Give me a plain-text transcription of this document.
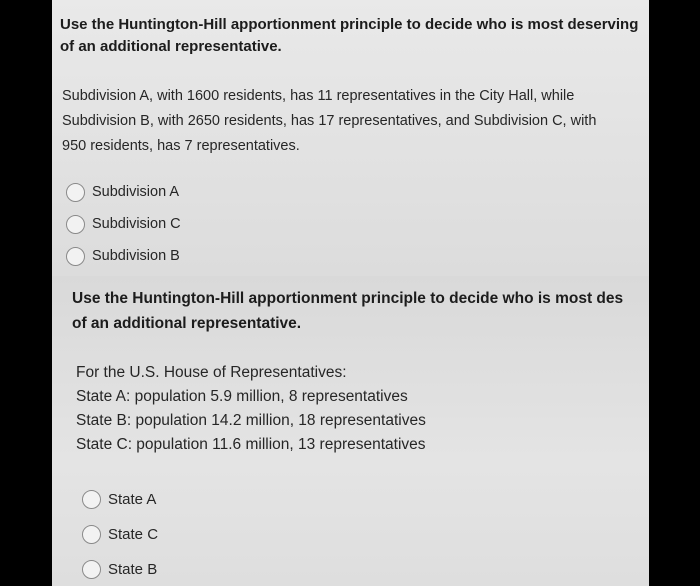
Use the Huntington-Hill apportionment principle to decide who is most deserving
of an additional representative.
Subdivision A, with 1600 residents, has 11 representatives in the City Hall, while
Subdivision B, with 2650 residents, has 17 representatives, and Subdivision C, with
950 residents, has 7 representatives.
Subdivision A
Subdivision C
Subdivision B
Use the Huntington-Hill apportionment principle to decide who is most des
of an additional representative.
For the U.S. House of Representatives:
State A: population 5.9 million, 8 representatives
State B: population 14.2 million, 18 representatives
State C: population 11.6 million, 13 representatives
State A
State C
State B
